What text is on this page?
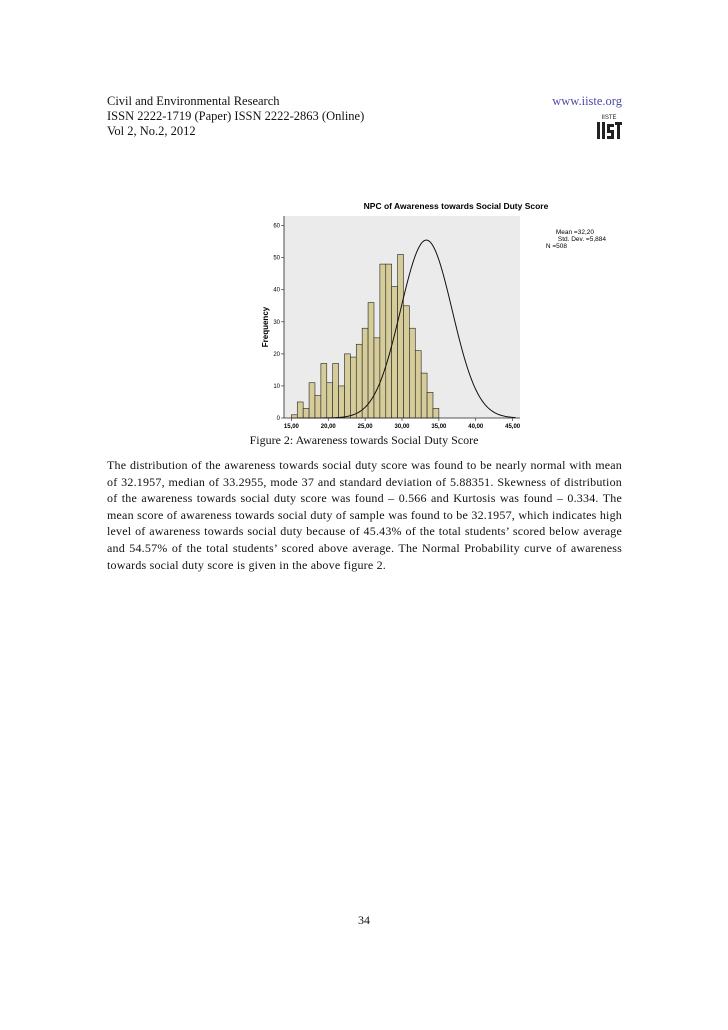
Civil and Environmental Research
ISSN 2222-1719 (Paper) ISSN 2222-2863 (Online)
Vol 2, No.2, 2012
www.iiste.org
IISTE
0
10
20
30
40
50
60
15,00	20,00	25,00	30,00	35,00	40,00	45,00
NPC of Awareness towards Social Duty Score
Frequency
Mean =32,20
Std. Dev. =5,884
N =508
Figure 2: Awareness towards Social Duty Score

The distribution of the awareness towards social duty score was found to be nearly normal with mean of 32.1957, median of 33.2955, mode 37 and standard deviation of 5.88351. Skewness of distribution of the awareness towards social duty score was found – 0.566 and Kurtosis was found – 0.334. The mean score of awareness towards social duty of sample was found to be 32.1957, which indicates high level of awareness towards social duty because of 45.43% of the total students’ scored below average and 54.57% of the total students’ scored above average. The Normal Probability curve of awareness towards social duty score is given in the above figure 2.

34
